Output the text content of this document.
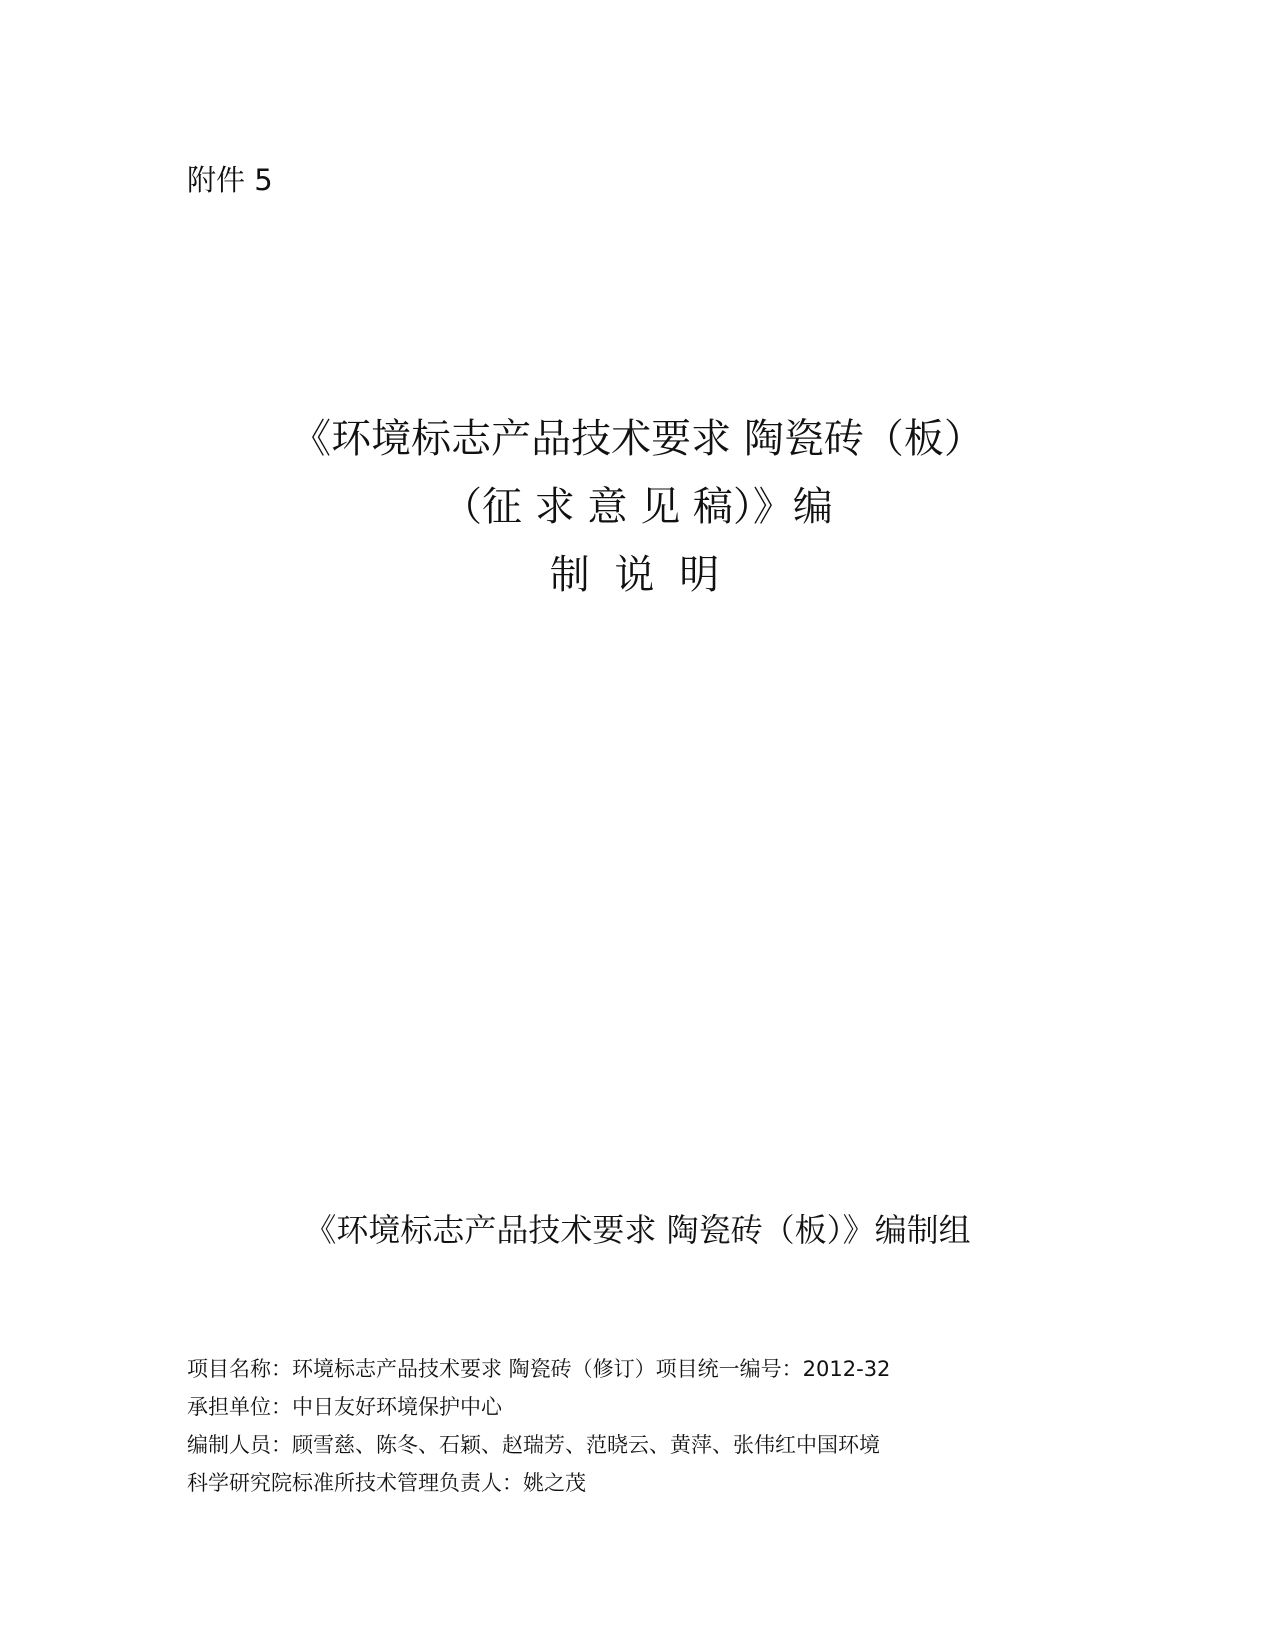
附件 5
《环境标志产品技术要求 陶瓷砖（板）
（征 求 意 见 稿）》编
制 说 明
《环境标志产品技术要求 陶瓷砖（板）》编制组
项目名称：环境标志产品技术要求 陶瓷砖（修订）项目统一编号：2012-32
承担单位：中日友好环境保护中心
编制人员：顾雪慈、陈冬、石颖、赵瑞芳、范晓云、黄萍、张伟红中国环境
科学研究院标准所技术管理负责人：姚之茂
